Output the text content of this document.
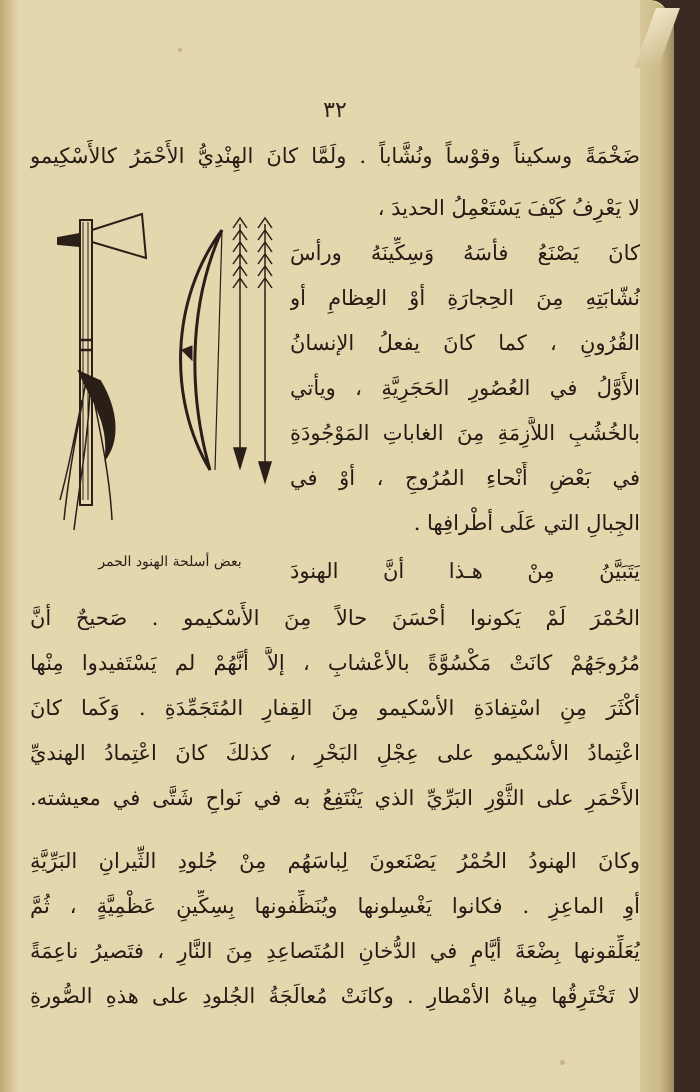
٣٢
ضَخْمَةً وسكيناً وقوْساً ونُشَّاباً . ولَمَّا كانَ الهِنْدِيُّ الأَحْمَرُ كالأَسْكِيمو
لا يَعْرِفُ كَيْفَ يَسْتَعْمِلُ الحديدَ ،
بعض أسلحة الهنود الحمر
كانَ يَصْنَعُ فأْسَهُ وَسِكِّينَهُ ورأسَ
نُشّابَتِهِ مِنَ الحِجارَةِ أوْ العِظامِ أو
القُرُونِ ، كما كانَ يفعلُ الإنسانُ
الأَوَّلُ في العُصُورِ الحَجَرِيَّةِ ، ويأتي
بالخُشُبِ اللاَّزِمَةِ مِنَ الغاباتِ المَوْجُودَةِ
في بَعْضِ أَنْحاءِ المُرُوجِ ، أوْ في
الجِبالِ التي عَلَى أطْرافِها .
يَتَبَيَّنُ مِنْ هـذا أنَّ الهنودَ
الحُمْرَ لَمْ يَكونوا أحْسَنَ حالاً مِنَ الأَسْكيمو . صَحيحٌ أنَّ
مُرُوجَهُمْ كانَتْ مَكْسُوَّةً بالأعْشابِ ، إلاَّ أنَّهُمْ لم يَسْتَفيدوا مِنْها
أكْثَرَ مِنِ اسْتِفادَةِ الأسْكيمو مِنَ القِفارِ المُتَجَمِّدَةِ . وَكَما كانَ
اعْتِمادُ الأسْكيمو على عِجْلِ البَحْرِ ، كذلكَ كانَ اعْتِمادُ الهنديِّ
الأَحْمَرِ على الثَّوْرِ البَرِّيِّ الذي يَنْتَفِعُ به في نَواحٍ شَتَّى في معيشته.
وكانَ الهنودُ الحُمْرُ يَصْنَعونَ لِباسَهُم مِنْ جُلودِ الثِّيرانِ البَرِّيَّةِ
أوِ الماعِزِ . فكانوا يَغْسِلونها ويُنَظِّفونها بِسِكِّينٍ عَظْمِيَّةٍ ، ثُمَّ
يُعَلِّقونها بِضْعَةَ أيَّامٍ في الدُّخانِ المُتَصاعِدِ مِنَ النَّارِ ، فتَصيرُ ناعِمَةً
لا تَخْتَرِقُها مِياهُ الأمْطارِ . وكانَتْ مُعالَجَةُ الجُلودِ على هذهِ الصُّورةِ
